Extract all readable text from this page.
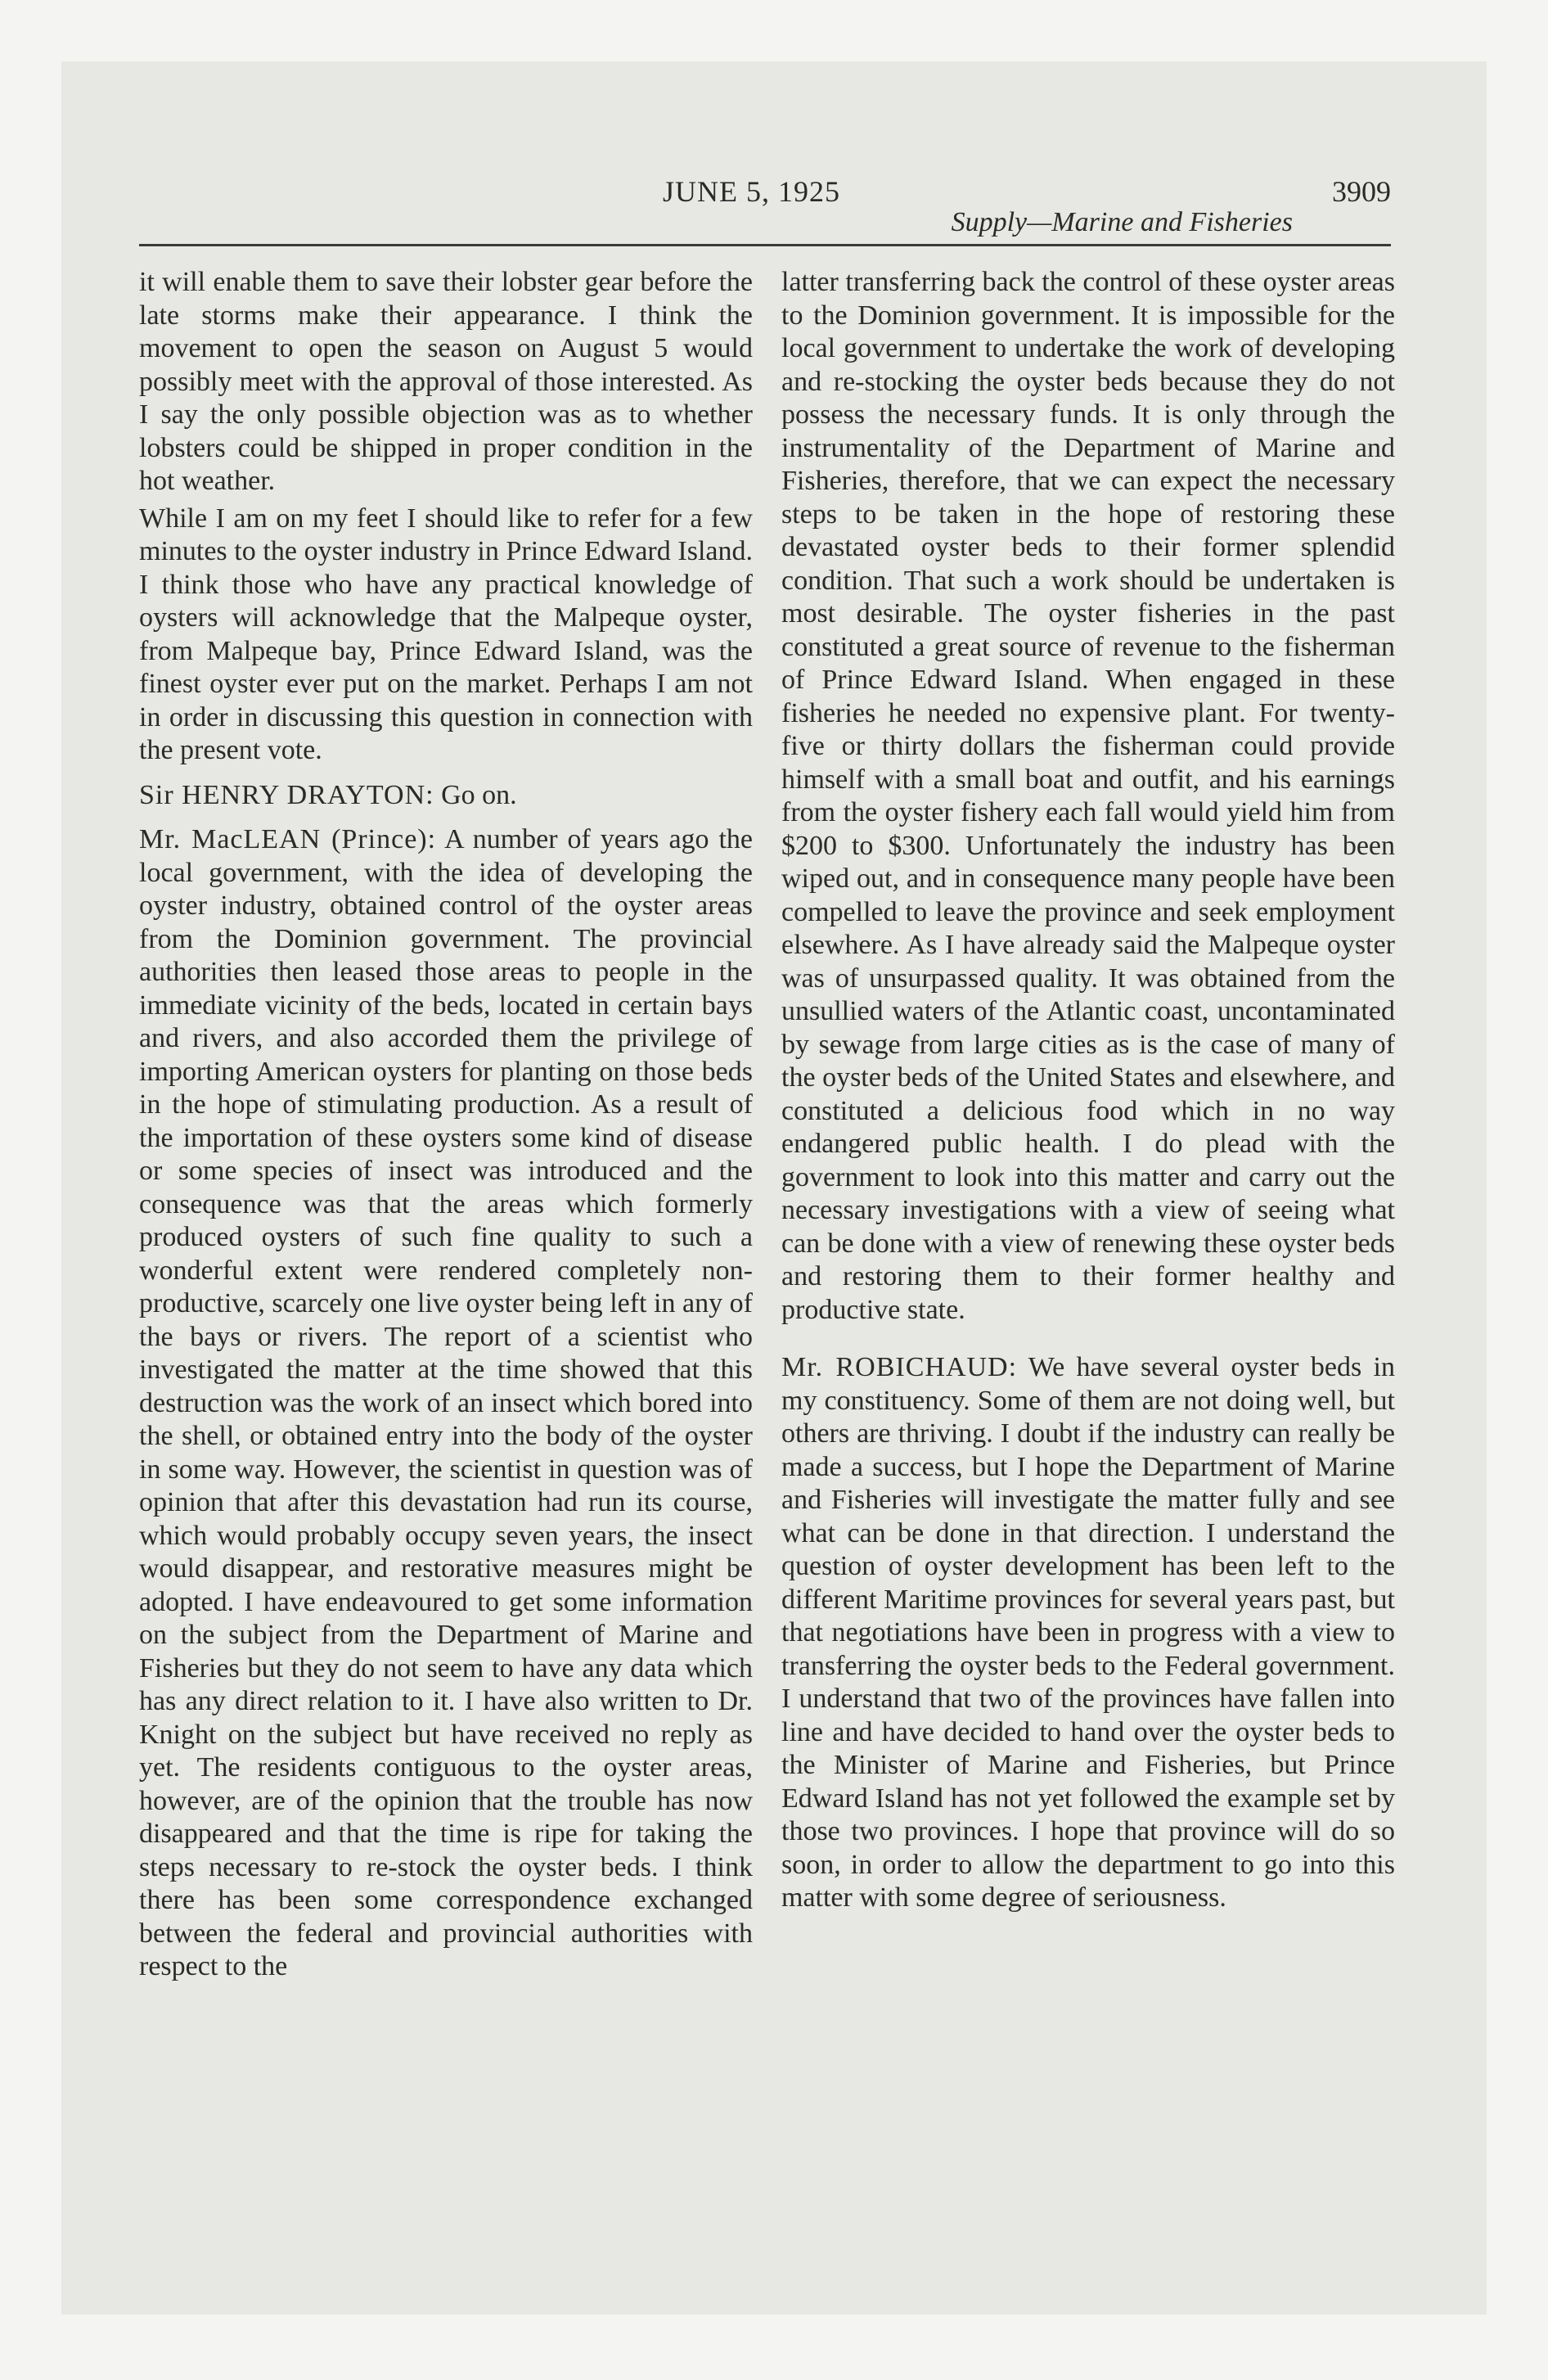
JUNE 5, 1925	3909
Supply—Marine and Fisheries

it will enable them to save their lobster gear before the late storms make their appearance. I think the movement to open the season on August 5 would possibly meet with the approval of those interested. As I say the only possible objection was as to whether lobsters could be shipped in proper condition in the hot weather.

While I am on my feet I should like to refer for a few minutes to the oyster industry in Prince Edward Island. I think those who have any practical knowledge of oysters will acknowledge that the Malpeque oyster, from Malpeque bay, Prince Edward Island, was the finest oyster ever put on the market. Perhaps I am not in order in discussing this question in connection with the present vote.

Sir HENRY DRAYTON: Go on.

Mr. MacLEAN (Prince): A number of years ago the local government, with the idea of developing the oyster industry, obtained control of the oyster areas from the Dominion government. The provincial authorities then leased those areas to people in the immediate vicinity of the beds, located in certain bays and rivers, and also accorded them the privilege of importing American oysters for planting on those beds in the hope of stimulating production. As a result of the importation of these oysters some kind of disease or some species of insect was introduced and the consequence was that the areas which formerly produced oysters of such fine quality to such a wonderful extent were rendered completely non-productive, scarcely one live oyster being left in any of the bays or rivers. The report of a scientist who investigated the matter at the time showed that this destruction was the work of an insect which bored into the shell, or obtained entry into the body of the oyster in some way. However, the scientist in question was of opinion that after this devastation had run its course, which would probably occupy seven years, the insect would disappear, and restorative measures might be adopted. I have endeavoured to get some information on the subject from the Department of Marine and Fisheries but they do not seem to have any data which has any direct relation to it. I have also written to Dr. Knight on the subject but have received no reply as yet. The residents contiguous to the oyster areas, however, are of the opinion that the trouble has now disappeared and that the time is ripe for taking the steps necessary to re-stock the oyster beds. I think there has been some correspondence exchanged between the federal and provincial authorities with respect to the

latter transferring back the control of these oyster areas to the Dominion government. It is impossible for the local government to undertake the work of developing and re-stocking the oyster beds because they do not possess the necessary funds. It is only through the instrumentality of the Department of Marine and Fisheries, therefore, that we can expect the necessary steps to be taken in the hope of restoring these devastated oyster beds to their former splendid condition. That such a work should be undertaken is most desirable. The oyster fisheries in the past constituted a great source of revenue to the fisherman of Prince Edward Island. When engaged in these fisheries he needed no expensive plant. For twenty-five or thirty dollars the fisherman could provide himself with a small boat and outfit, and his earnings from the oyster fishery each fall would yield him from $200 to $300. Unfortunately the industry has been wiped out, and in consequence many people have been compelled to leave the province and seek employment elsewhere. As I have already said the Malpeque oyster was of unsurpassed quality. It was obtained from the unsullied waters of the Atlantic coast, uncontaminated by sewage from large cities as is the case of many of the oyster beds of the United States and elsewhere, and constituted a delicious food which in no way endangered public health. I do plead with the government to look into this matter and carry out the necessary investigations with a view of seeing what can be done with a view of renewing these oyster beds and restoring them to their former healthy and productive state.

Mr. ROBICHAUD: We have several oyster beds in my constituency. Some of them are not doing well, but others are thriving. I doubt if the industry can really be made a success, but I hope the Department of Marine and Fisheries will investigate the matter fully and see what can be done in that direction. I understand the question of oyster development has been left to the different Maritime provinces for several years past, but that negotiations have been in progress with a view to transferring the oyster beds to the Federal government. I understand that two of the provinces have fallen into line and have decided to hand over the oyster beds to the Minister of Marine and Fisheries, but Prince Edward Island has not yet followed the example set by those two provinces. I hope that province will do so soon, in order to allow the department to go into this matter with some degree of seriousness.
